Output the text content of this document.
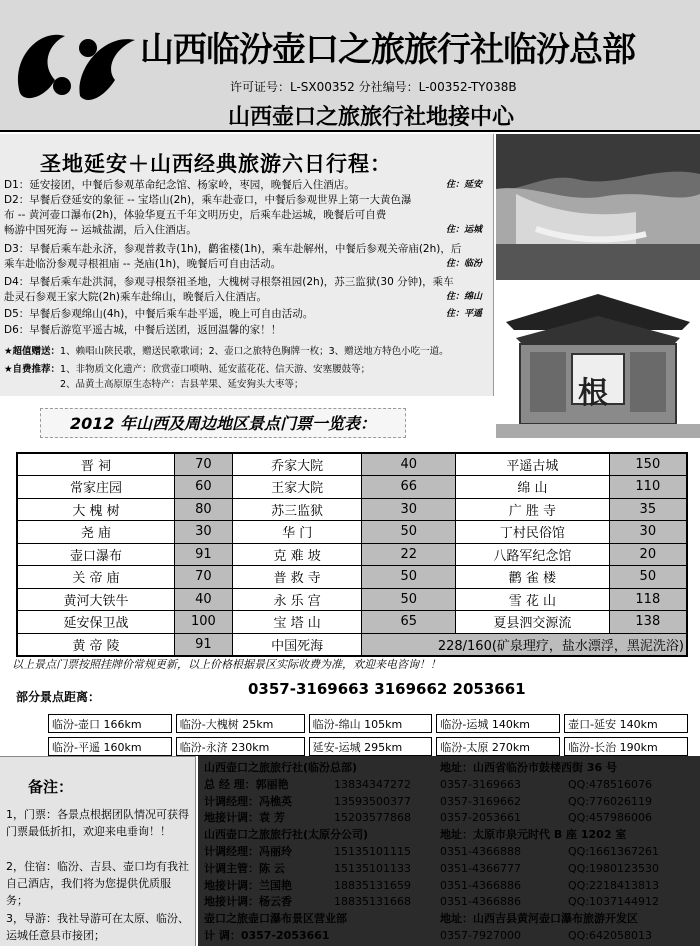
山西临汾壶口之旅旅行社临汾总部
许可证号：L-SX00352 分社编号：L-00352-TY038B
山西壶口之旅旅行社地接中心
圣地延安＋山西经典旅游六日行程：
D1：延安接团，中餐后参观革命纪念馆、杨家岭，枣园，晚餐后入住酒店。	住：延安
D2：早餐后登延安的象征 -- 宝塔山(2h)，乘车赴壶口，中餐后参观世界上第一大黄色瀑
布 -- 黄河壶口瀑布(2h)，体验华夏五千年文明历史，后乘车赴运城，晚餐后可自费
畅游中国死海 -- 运城盐湖，后入住酒店。	住：运城
D3：早餐后乘车赴永济，参观普救寺(1h)，鹳雀楼(1h)，乘车赴解州，中餐后参观关帝庙(2h)，后
乘车赴临汾参观寻根祖庙 -- 尧庙(1h)，晚餐后可自由活动。	住：临汾
D4：早餐后乘车赴洪洞，参观寻根祭祖圣地，大槐树寻根祭祖园(2h)，苏三监狱(30 分钟)，乘车
赴灵石参观王家大院(2h)乘车赴绵山，晚餐后入住酒店。	住：绵山
D5：早餐后参观绵山(4h)，中餐后乘车赴平遥，晚上可自由活动。	住：平遥
D6：早餐后游览平遥古城，中餐后送团，返回温馨的家！！
★超值赠送：1、赖唱山陕民歌，赠送民歌歌词；2、壶口之旅特色胸牌一枚；3、赠送地方特色小吃一道。
★自费推荐：1、非物质文化遗产：欣赏壶口唢呐、延安蓝花花、信天游、安塞腰鼓等；
2、品黄土高原原生态特产：吉县苹果、延安狗头大枣等；	根
2012 年山西及周边地区景点门票一览表：
晋 祠	70	乔家大院	40	平遥古城	150
常家庄园	60	王家大院	66	绵 山	110
大 槐 树	80	苏三监狱	30	广 胜 寺	35
尧 庙	30	华 门	50	丁村民俗馆	30
壶口瀑布	91	克 难 坡	22	八路军纪念馆	20
关 帝 庙	70	普 救 寺	50	鹳 雀 楼	50
黄河大铁牛	40	永 乐 宫	50	雪 花 山	118
延安保卫战	100	宝 塔 山	65	夏县泗交源流	138
黄 帝 陵	91	中国死海	228/160(矿泉理疗，盐水漂浮，黑泥洗浴)		
以上景点门票按照挂牌价常规更新，以上价格根据景区实际收费为准，欢迎来电咨询！！
0357-3169663 3169662 2053661
部分景点距离：
临汾-壶口 166km	临汾-大槐树 25km	临汾-绵山 105km	临汾-运城 140km	壶口-延安 140km
临汾-平遥 160km	临汾-永济 230km	延安-运城 295km	临汾-太原 270km	临汾-长治 190km
备注：
1，门票：各景点根据团队情况可获得门票最低折扣，欢迎来电垂询！！
2，住宿：临汾、吉县、壶口均有我社自己酒店，我们将为您提供优质服务；
3，导游：我社导游可在太原、临汾、运城任意县市接团；
山西壶口之旅旅行社(临汾总部)	地址：山西省临汾市鼓楼西街 36 号
总 经 理：郭丽艳	13834347272	0357-3169663	QQ:478516076
计调经理：冯樵英	13593500377	0357-3169662	QQ:776026119
地接计调：袁 芳	15203577868	0357-2053661	QQ:457986006
山西壶口之旅旅行社(太原分公司)	地址：太原市泉元时代 B 座 1202 室
计调经理：冯丽玲	15135101115	0351-4366888	QQ:1661367261
计调主管：陈 云	15135101133	0351-4366777	QQ:1980123530
地接计调：兰国艳	18835131659	0351-4366886	QQ:2218413813
地接计调：杨云香	18835131668	0351-4366886	QQ:1037144912
壶口之旅壶口瀑布景区营业部	地址：山西吉县黄河壶口瀑布旅游开发区
计 调：0357-2053661	0357-7927000	QQ:642058013
